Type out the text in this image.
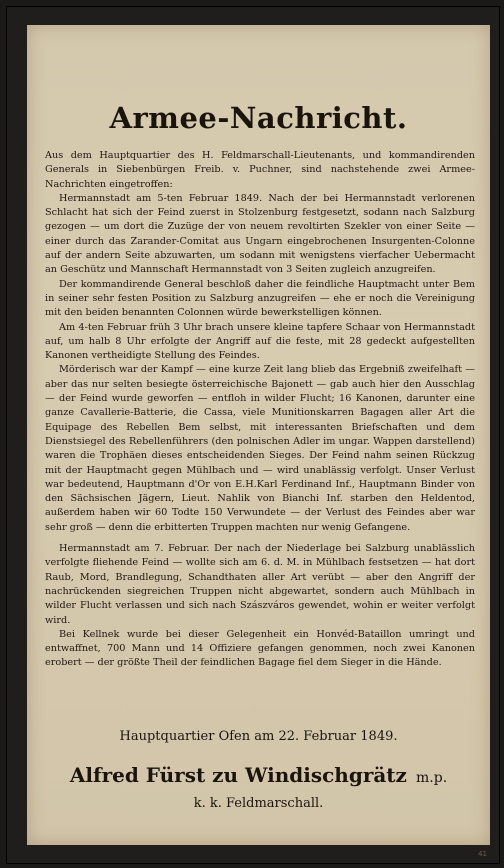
Armee-Nachricht.

Aus dem Hauptquartier des H. Feldmarschall-Lieutenants, und kommandirenden Generals in Siebenbürgen Freib. v. Puchner, sind nachstehende zwei Armee-Nachrichten eingetroffen:

Hermannstadt am 5-ten Februar 1849. Nach der bei Hermannstadt verlorenen Schlacht hat sich der Feind zuerst in Stolzenburg festgesetzt, sodann nach Salzburg gezogen — um dort die Zuzüge der von neuem revoltirten Szekler von einer Seite — einer durch das Zarander-Comitat aus Ungarn eingebrochenen Insurgenten-Colonne auf der andern Seite abzuwarten, um sodann mit wenigstens vierfacher Uebermacht an Geschütz und Mannschaft Hermannstadt von 3 Seiten zugleich anzugreifen.

Der kommandirende General beschloß daher die feindliche Hauptmacht unter Bem in seiner sehr festen Position zu Salzburg anzugreifen — ehe er noch die Vereinigung mit den beiden benannten Colonnen würde bewerkstelligen können.

Am 4-ten Februar früh 3 Uhr brach unsere kleine tapfere Schaar von Hermannstadt auf, um halb 8 Uhr erfolgte der Angriff auf die feste, mit 28 gedeckt aufgestellten Kanonen vertheidigte Stellung des Feindes.

Mörderisch war der Kampf — eine kurze Zeit lang blieb das Ergebniß zweifelhaft — aber das nur selten besiegte österreichische Bajonett — gab auch hier den Ausschlag — der Feind wurde geworfen — entfloh in wilder Flucht; 16 Kanonen, darunter eine ganze Cavallerie-Batterie, die Cassa, viele Munitionskarren Bagagen aller Art die Equipage des Rebellen Bem selbst, mit interessanten Briefschaften und dem Dienstsiegel des Rebellenführers (den polnischen Adler im ungar. Wappen darstellend) waren die Trophäen dieses entscheidenden Sieges. Der Feind nahm seinen Rückzug mit der Hauptmacht gegen Mühlbach und — wird unablässig verfolgt. Unser Verlust war bedeutend, Hauptmann d'Or von E.H.Karl Ferdinand Inf., Hauptmann Binder von den Sächsischen Jägern, Lieut. Nahlik von Bianchi Inf. starben den Heldentod, außerdem haben wir 60 Todte 150 Verwundete — der Verlust des Feindes aber war sehr groß — denn die erbitterten Truppen machten nur wenig Gefangene.

Hermannstadt am 7. Februar. Der nach der Niederlage bei Salzburg unablässlich verfolgte fliehende Feind — wollte sich am 6. d. M. in Mühlbach festsetzen — hat dort Raub, Mord, Brandlegung, Schandthaten aller Art verübt — aber den Angriff der nachrückenden siegreichen Truppen nicht abgewartet, sondern auch Mühlbach in wilder Flucht verlassen und sich nach Szászváros gewendet, wohin er weiter verfolgt wird.

Bei Kellnek wurde bei dieser Gelegenheit ein Honvéd-Bataillon umringt und entwaffnet, 700 Mann und 14 Offiziere gefangen genommen, noch zwei Kanonen erobert — der größte Theil der feindlichen Bagage fiel dem Sieger in die Hände.

Hauptquartier Ofen am 22. Februar 1849.
Alfred Fürst zu Windischgrätz m.p.
k. k. Feldmarschall.
41
